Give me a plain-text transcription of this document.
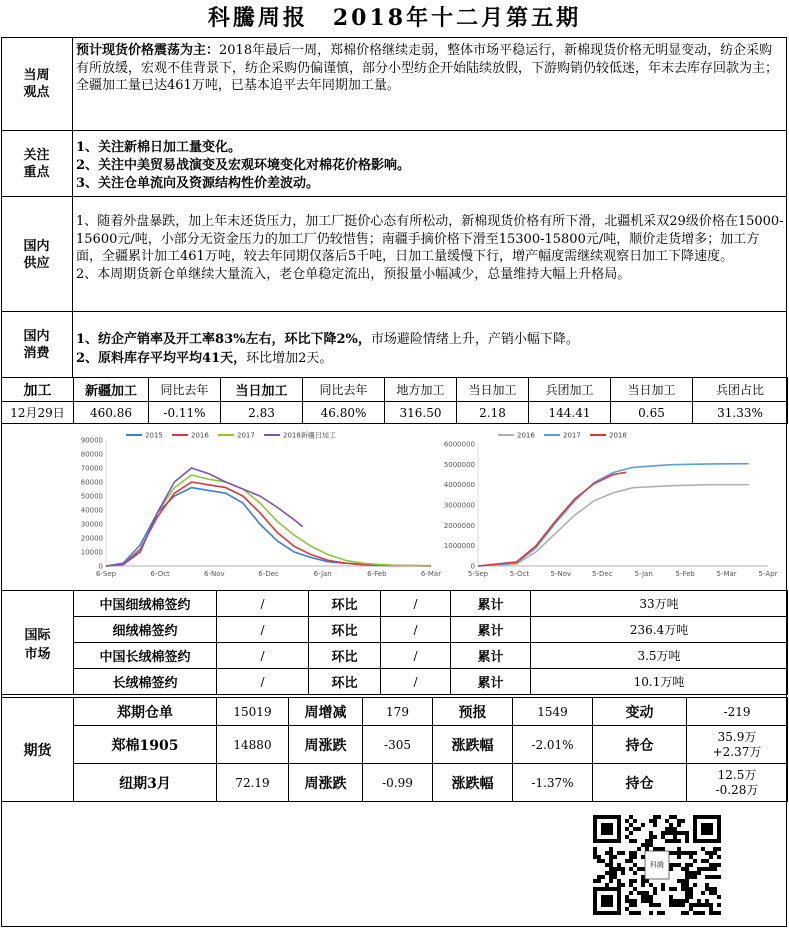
科騰周报　2018年十二月第五期
当周
观点
预计现货价格震荡为主：2018年最后一周，郑棉价格继续走弱，整体市场平稳运行，新棉现货价格无明显变动，纺企采购有所放缓，宏观不佳背景下，纺企采购仍偏谨慎，部分小型纺企开始陆续放假，下游购销仍较低迷，年末去库存回款为主；全疆加工量已达461万吨，已基本追平去年同期加工量。
关注
重点
1、关注新棉日加工量变化。
2、关注中美贸易战演变及宏观环境变化对棉花价格影响。
3、关注仓单流向及资源结构性价差波动。
国内
供应
1、随着外盘暴跌，加上年末还货压力，加工厂挺价心态有所松动，新棉现货价格有所下滑，北疆机采双29级价格在15000-15600元/吨，小部分无资金压力的加工厂仍较惜售；南疆手摘价格下滑至15300-15800元/吨，顺价走货增多；加工方面，全疆累计加工461万吨，较去年同期仅落后5千吨，日加工量缓慢下行，增产幅度需继续观察日加工下降速度。
2、本周期货新仓单继续大量流入，老仓单稳定流出，预报量小幅减少，总量维持大幅上升格局。
国内
消费
1、纺企产销率及开工率83%左右，环比下降2%，市场避险情绪上升，产销小幅下降。
2、原料库存平均平均41天，环比增加2天。
加工	新疆加工	同比去年	当日加工	同比去年	地方加工	当日加工	兵团加工	当日加工	兵团占比
12月29日	460.86	-0.11%	2.83	46.80%	316.50	2.18	144.41	0.65	31.33%
0
10000
20000
30000
40000
50000
60000
70000
80000
90000
6-Sep	6-Oct	6-Nov	6-Dec	6-Jan	6-Feb	6-Mar
2015	2016	2017	2018新疆日加工
0
1000000
2000000
3000000
4000000
5000000
6000000
5-Sep	5-Oct	5-Nov	5-Dec	5-Jan	5-Feb	5-Mar	5-Apr
2016	2017	2018
国际
市场	中国细绒棉签约	/	环比	/	累计	33万吨
	细绒棉签约	/	环比	/	累计	236.4万吨
	中国长绒棉签约	/	环比	/	累计	3.5万吨
	长绒棉签约	/	环比	/	累计	10.1万吨
期货	郑期仓单	15019	周增减	179	预报	1549	变动	-219
	郑棉1905	14880	周涨跌	-305	涨跌幅	-2.01%	持仓	35.9万
+2.37万

	纽期3月	72.19	周涨跌	-0.99	涨跌幅	-1.37%	持仓	12.5万
-0.28万
科腾
